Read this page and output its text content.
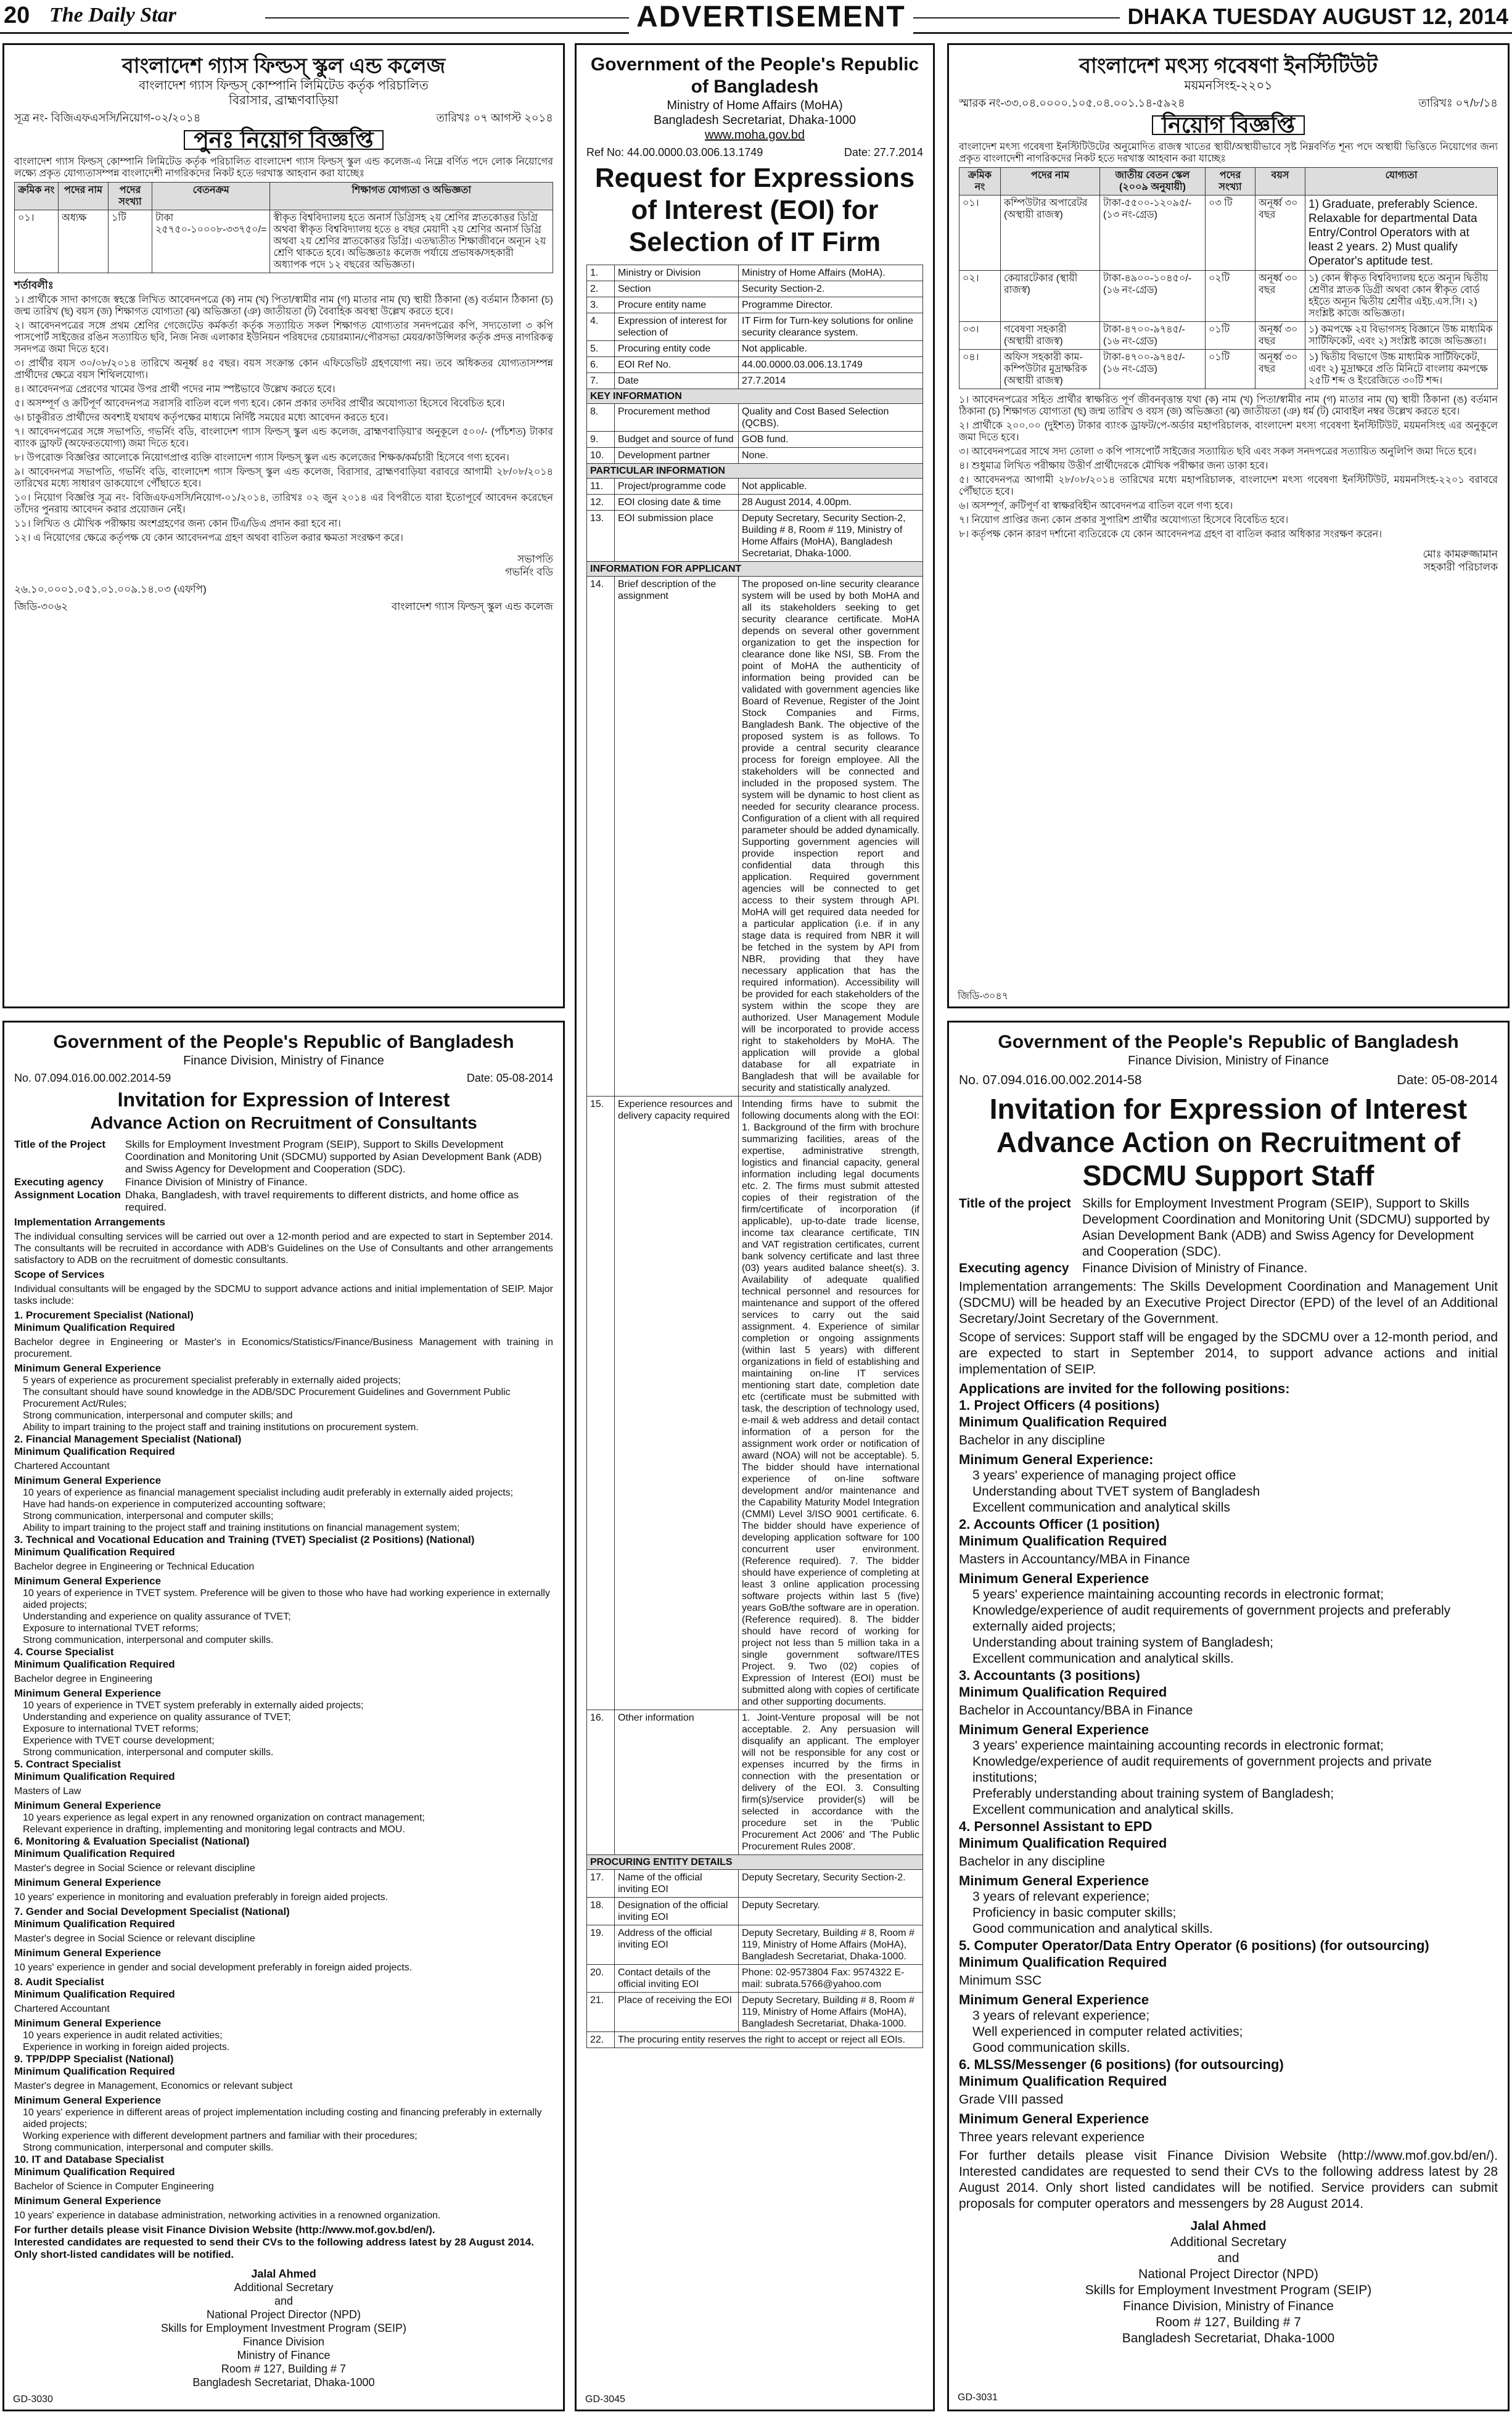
20 The Daily Star	ADVERTISEMENT	DHAKA TUESDAY AUGUST 12, 2014
বাংলাদেশ গ্যাস ফিল্ডস্ স্কুল এন্ড কলেজ
বাংলাদেশ গ্যাস ফিল্ডস্ কোম্পানি লিমিটেড কর্তৃক পরিচালিত
বিরাসার, ব্রাহ্মণবাড়িয়া
সূত্র নং- বিজিএফএসসি/নিয়োগ-০২/২০১৪	তারিখঃ ০৭ আগস্ট ২০১৪
পুনঃ নিয়োগ বিজ্ঞপ্তি
বাংলাদেশ গ্যাস ফিল্ডস্ কোম্পানি লিমিটেড কর্তৃক পরিচালিত বাংলাদেশ গ্যাস ফিল্ডস্ স্কুল এন্ড কলেজ-এ নিম্নে বর্ণিত পদে লোক নিয়োগের লক্ষ্যে প্রকৃত যোগ্যতাসম্পন্ন বাংলাদেশী নাগরিকদের নিকট হতে দরখাস্ত আহবান করা যাচ্ছেঃ
ক্রমিক নং	পদের নাম	পদের সংখ্যা	বেতনক্রম	শিক্ষাগত যোগ্যতা ও অভিজ্ঞতা
০১।	অধ্যক্ষ	১টি	টাকা ২৫৭৫০-১০০০৮-৩৩৭৫০/=	স্বীকৃত বিশ্ববিদ্যালয় হতে অনার্স ডিগ্রিসহ ২য় শ্রেণির স্নাতকোত্তর ডিগ্রি অথবা স্বীকৃত বিশ্ববিদ্যালয় হতে ৪ বছর মেয়াদী ২য় শ্রেণির অনার্স ডিগ্রি অথবা ২য় শ্রেণির স্নাতকোত্তর ডিগ্রি। এতদ্ব্যতীত শিক্ষাজীবনে অন্যূন ২য় শ্রেণি থাকতে হবে। অভিজ্ঞতাঃ কলেজ পর্যায়ে প্রভাষক/সহকারী অধ্যাপক পদে ১২ বছরের অভিজ্ঞতা।
শর্তাবলীঃ
১। প্রার্থীকে সাদা কাগজে স্বহস্তে লিখিত আবেদনপত্রে (ক) নাম (খ) পিতা/স্বামীর নাম (গ) মাতার নাম (ঘ) স্থায়ী ঠিকানা (ঙ) বর্তমান ঠিকানা (চ) জন্ম তারিখ (ছ) বয়স (জ) শিক্ষাগত যোগ্যতা (ঝ) অভিজ্ঞতা (ঞ) জাতীয়তা (ট) বৈবাহিক অবস্থা উল্লেখ করতে হবে।
২। আবেদনপত্রের সঙ্গে প্রথম শ্রেণির গেজেটেড কর্মকর্তা কর্তৃক সত্যায়িত সকল শিক্ষাগত যোগ্যতার সনদপত্রের কপি, সদ্যতোলা ৩ কপি পাসপোর্ট সাইজের রঙিন সত্যায়িত ছবি, নিজ নিজ এলাকার ইউনিয়ন পরিষদের চেয়ারম্যান/পৌরসভা মেয়র/কাউন্সিলর কর্তৃক প্রদত্ত নাগরিকত্ব সনদপত্র জমা দিতে হবে।
৩। প্রার্থীর বয়স ৩০/০৮/২০১৪ তারিখে অনূর্ধ্ব ৪৫ বছর। বয়স সংক্রান্ত কোন এফিডেভিট গ্রহণযোগ্য নয়। তবে অধিকতর যোগ্যতাসম্পন্ন প্রার্থীদের ক্ষেত্রে বয়স শিথিলযোগ্য।
৪। আবেদনপত্র প্রেরণের খামের উপর প্রার্থী পদের নাম স্পষ্টভাবে উল্লেখ করতে হবে।
৫। অসম্পূর্ণ ও ক্রটিপূর্ণ আবেদনপত্র সরাসরি বাতিল বলে গণ্য হবে। কোন প্রকার তদবির প্রার্থীর অযোগ্যতা হিসেবে বিবেচিত হবে।
৬। চাকুরীরত প্রার্থীদের অবশ্যই যথাযথ কর্তৃপক্ষের মাধ্যমে নির্দিষ্ট সময়ের মধ্যে আবেদন করতে হবে।
৭। আবেদনপত্রের সঙ্গে সভাপতি, গভর্নিং বডি, বাংলাদেশ গ্যাস ফিল্ডস্ স্কুল এন্ড কলেজ, ব্রাহ্মণবাড়িয়া'র অনুকূলে ৫০০/- (পাঁচশত) টাকার ব্যাংক ড্রাফট (অফেরতযোগ্য) জমা দিতে হবে।
৮। উপরোক্ত বিজ্ঞপ্তির আলোকে নিয়োগপ্রাপ্ত ব্যক্তি বাংলাদেশ গ্যাস ফিল্ডস্ স্কুল এন্ড কলেজের শিক্ষক/কর্মচারী হিসেবে গণ্য হবেন।
৯। আবেদনপত্র সভাপতি, গভর্নিং বডি, বাংলাদেশ গ্যাস ফিল্ডস্ স্কুল এন্ড কলেজ, বিরাসার, ব্রাহ্মণবাড়িয়া বরাবরে আগামী ২৮/০৮/২০১৪ তারিখের মধ্যে সাধারণ ডাকযোগে পৌঁছাতে হবে।
১০। নিয়োগ বিজ্ঞপ্তি সূত্র নং- বিজিএফএসসি/নিয়োগ-০১/২০১৪, তারিখঃ ০২ জুন ২০১৪ এর বিপরীতে যারা ইতোপূর্বে আবেদন করেছেন তাঁদের পুনরায় আবেদন করার প্রয়োজন নেই।
১১। লিখিত ও মৌখিক পরীক্ষায় অংশগ্রহণের জন্য কোন টিএ/ডিএ প্রদান করা হবে না।
১২। এ নিয়োগের ক্ষেত্রে কর্তৃপক্ষ যে কোন আবেদনপত্র গ্রহণ অথবা বাতিল করার ক্ষমতা সংরক্ষণ করে।
সভাপতি
গভর্নিং বডি
২৬.১০.০০০১.০৫১.০১.০০৯.১৪.০৩ (এফপি)
জিডি-৩০৬২	বাংলাদেশ গ্যাস ফিল্ডস্ স্কুল এন্ড কলেজ
Government of the People's Republic of Bangladesh
Ministry of Home Affairs (MoHA)
Bangladesh Secretariat, Dhaka-1000
www.moha.gov.bd
Ref No: 44.00.0000.03.006.13.1749	Date: 27.7.2014
Request for Expressions of Interest (EOI) for Selection of IT Firm
1.	Ministry or Division	Ministry of Home Affairs (MoHA).
2.	Section	Security Section-2.
3.	Procure entity name	Programme Director.
4.	Expression of interest for selection of	IT Firm for Turn-key solutions for online security clearance system.
5.	Procuring entity code	Not applicable.
6.	EOI Ref No.	44.00.0000.03.006.13.1749
7.	Date	27.7.2014
KEY INFORMATION		
8.	Procurement method	Quality and Cost Based Selection (QCBS).
9.	Budget and source of fund	GOB fund.
10.	Development partner	None.
PARTICULAR INFORMATION		
11.	Project/programme code	Not applicable.
12.	EOI closing date & time	28 August 2014, 4.00pm.
13.	EOI submission place	Deputy Secretary, Security Section-2, Building # 8, Room # 119, Ministry of Home Affairs (MoHA), Bangladesh Secretariat, Dhaka-1000.
INFORMATION FOR APPLICANT		
14.	Brief description of the assignment	The proposed on-line security clearance system will be used by both MoHA and all its stakeholders seeking to get security clearance certificate. MoHA depends on several other government organization to get the inspection for clearance done like NSI, SB. From the point of MoHA the authenticity of information being provided can be validated with government agencies like Board of Revenue, Register of the Joint Stock Companies and Firms, Bangladesh Bank. The objective of the proposed system is as follows. To provide a central security clearance process for foreign employee. All the stakeholders will be connected and included in the proposed system. The system will be dynamic to host client as needed for security clearance process. Configuration of a client with all required parameter should be added dynamically. Supporting government agencies will provide inspection report and confidential data through this application. Required government agencies will be connected to get access to their system through API. MoHA will get required data needed for a particular application (i.e. if in any stage data is required from NBR it will be fetched in the system by API from NBR, providing that they have necessary application that has the required information). Accessibility will be provided for each stakeholders of the system within the scope they are authorized. User Management Module will be incorporated to provide access right to stakeholders by MoHA. The application will provide a global database for all expatriate in Bangladesh that will be available for security and statistically analyzed.
15.	Experience resources and delivery capacity required	Intending firms have to submit the following documents along with the EOI: 1. Background of the firm with brochure summarizing facilities, areas of the expertise, administrative strength, logistics and financial capacity, general information including legal documents etc. 2. The firms must submit attested copies of their registration of the firm/certificate of incorporation (if applicable), up-to-date trade license, income tax clearance certificate, TIN and VAT registration certificates, current bank solvency certificate and last three (03) years audited balance sheet(s). 3. Availability of adequate qualified technical personnel and resources for maintenance and support of the offered services to carry out the said assignment. 4. Experience of similar completion or ongoing assignments (within last 5 years) with different organizations in field of establishing and maintaining on-line IT services mentioning start date, completion date etc (certificate must be submitted with task, the description of technology used, e-mail & web address and detail contact information of a person for the assignment work order or notification of award (NOA) will not be acceptable). 5. The bidder should have international experience of on-line software development and/or maintenance and the Capability Maturity Model Integration (CMMI) Level 3/ISO 9001 certificate. 6. The bidder should have experience of developing application software for 100 concurrent user environment. (Reference required). 7. The bidder should have experience of completing at least 3 online application processing software projects within last 5 (five) years GoB/the software are in operation. (Reference required). 8. The bidder should have record of working for project not less than 5 million taka in a single government software/ITES Project. 9. Two (02) copies of Expression of Interest (EOI) must be submitted along with copies of certificate and other supporting documents.
16.	Other information	1. Joint-Venture proposal will be not acceptable. 2. Any persuasion will disqualify an applicant. The employer will not be responsible for any cost or expenses incurred by the firms in connection with the presentation or delivery of the EOI. 3. Consulting firm(s)/service provider(s) will be selected in accordance with the procedure set in the 'Public Procurement Act 2006' and 'The Public Procurement Rules 2008'.
PROCURING ENTITY DETAILS		
17.	Name of the official inviting EOI	Deputy Secretary, Security Section-2.
18.	Designation of the official inviting EOI	Deputy Secretary.
19.	Address of the official inviting EOI	Deputy Secretary, Building # 8, Room # 119, Ministry of Home Affairs (MoHA), Bangladesh Secretariat, Dhaka-1000.
20.	Contact details of the official inviting EOI	Phone: 02-9573804 Fax: 9574322 E-mail: subrata.5766@yahoo.com
21.	Place of receiving the EOI	Deputy Secretary, Building # 8, Room # 119, Ministry of Home Affairs (MoHA), Bangladesh Secretariat, Dhaka-1000.
22.	The procuring entity reserves the right to accept or reject all EOIs.	
GD-3045
বাংলাদেশ মৎস্য গবেষণা ইনস্টিটিউট
ময়মনসিংহ-২২০১
স্মারক নং-৩৩.০৪.০০০০.১০৫.০৪.০০১.১৪-৫৯২৪	তারিখঃ ০৭/৮/১৪
নিয়োগ বিজ্ঞপ্তি
বাংলাদেশ মৎস্য গবেষণা ইনস্টিটিউটের অনুমোদিত রাজস্ব খাতের স্থায়ী/অস্থায়ীভাবে সৃষ্ট নিম্নবর্ণিত শূন্য পদে অস্থায়ী ভিত্তিতে নিয়োগের জন্য প্রকৃত বাংলাদেশী নাগরিকদের নিকট হতে দরখাস্ত আহবান করা যাচ্ছেঃ
ক্রমিক নং	পদের নাম	জাতীয় বেতন স্কেল (২০০৯ অনুযায়ী)	পদের সংখ্যা	বয়স	যোগ্যতা
০১।	কম্পিউটার অপারেটর (অস্থায়ী রাজস্ব)	টাকা-৫৫০০-১২০৯৫/- (১৩ নং-গ্রেড)	০৩ টি	অনূর্ধ্ব ৩০ বছর	1) Graduate, preferably Science. Relaxable for departmental Data Entry/Control Operators with at least 2 years. 2) Must qualify Operator's aptitude test.
০২।	কেয়ারটেকার (স্থায়ী রাজস্ব)	টাকা-৪৯০০-১০৪৫০/- (১৬ নং-গ্রেড)	০২টি	অনূর্ধ্ব ৩০ বছর	১) কোন স্বীকৃত বিশ্ববিদ্যালয় হতে অন্যূন দ্বিতীয় শ্রেণীর স্নাতক ডিগ্রী অথবা কোন স্বীকৃত বোর্ড হইতে অন্যূন দ্বিতীয় শ্রেণীর এইচ.এস.সি। ২) সংশ্লিষ্ট কাজে অভিজ্ঞতা।
০৩।	গবেষণা সহকারী (অস্থায়ী রাজস্ব)	টাকা-৪৭০০-৯৭৪৫/- (১৬ নং-গ্রেড)	০১টি	অনূর্ধ্ব ৩০ বছর	১) কমপক্ষে ২য় বিভাগসহ বিজ্ঞানে উচ্চ মাধ্যমিক সার্টিফিকেট, এবং ২) সংশ্লিষ্ট কাজে অভিজ্ঞতা।
০৪।	অফিস সহকারী কাম-কম্পিউটার মুদ্রাক্ষরিক (অস্থায়ী রাজস্ব)	টাকা-৪৭০০-৯৭৪৫/- (১৬ নং-গ্রেড)	০১টি	অনূর্ধ্ব ৩০ বছর	১) দ্বিতীয় বিভাগে উচ্চ মাধ্যমিক সার্টিফিকেট, এবং ২) মুদ্রাক্ষরে প্রতি মিনিটে বাংলায় কমপক্ষে ২৫টি শব্দ ও ইংরেজিতে ৩০টি শব্দ।
১। আবেদনপত্রের সহিত প্রার্থীর স্বাক্ষরিত পূর্ণ জীবনবৃত্তান্ত যথা (ক) নাম (খ) পিতা/স্বামীর নাম (গ) মাতার নাম (ঘ) স্থায়ী ঠিকানা (ঙ) বর্তমান ঠিকানা (চ) শিক্ষাগত যোগ্যতা (ছ) জন্ম তারিখ ও বয়স (জ) অভিজ্ঞতা (ঝ) জাতীয়তা (ঞ) ধর্ম (ট) মোবাইল নম্বর উল্লেখ করতে হবে।
২। প্রার্থীকে ২০০.০০ (দুইশত) টাকার ব্যাংক ড্রাফট/পে-অর্ডার মহাপরিচালক, বাংলাদেশ মৎস্য গবেষণা ইনস্টিটিউট, ময়মনসিংহ এর অনুকূলে জমা দিতে হবে।
৩। আবেদনপত্রের সাথে সদ্য তোলা ৩ কপি পাসপোর্ট সাইজের সত্যায়িত ছবি এবং সকল সনদপত্রের সত্যায়িত অনুলিপি জমা দিতে হবে।
৪। শুধুমাত্র লিখিত পরীক্ষায় উত্তীর্ণ প্রার্থীদেরকে মৌখিক পরীক্ষার জন্য ডাকা হবে।
৫। আবেদনপত্র আগামী ২৮/০৮/২০১৪ তারিখের মধ্যে মহাপরিচালক, বাংলাদেশ মৎস্য গবেষণা ইনস্টিটিউট, ময়মনসিংহ-২২০১ বরাবরে পৌঁছাতে হবে।
৬। অসম্পূর্ণ, ক্রটিপূর্ণ বা স্বাক্ষরবিহীন আবেদনপত্র বাতিল বলে গণ্য হবে।
৭। নিয়োগ প্রাপ্তির জন্য কোন প্রকার সুপারিশ প্রার্থীর অযোগ্যতা হিসেবে বিবেচিত হবে।
৮। কর্তৃপক্ষ কোন কারণ দর্শানো ব্যতিরেকে যে কোন আবেদনপত্র গ্রহণ বা বাতিল করার অধিকার সংরক্ষণ করেন।
মোঃ কামরুজ্জামান
সহকারী পরিচালক
জিডি-৩০৪৭
Government of the People's Republic of Bangladesh
Finance Division, Ministry of Finance
No. 07.094.016.00.002.2014-59	Date: 05-08-2014
Invitation for Expression of Interest
Advance Action on Recruitment of Consultants
Title of the Project	Skills for Employment Investment Program (SEIP), Support to Skills Development Coordination and Monitoring Unit (SDCMU) supported by Asian Development Bank (ADB) and Swiss Agency for Development and Cooperation (SDC).
Executing agency	Finance Division of Ministry of Finance.
Assignment Location Dhaka, Bangladesh, with travel requirements to different districts, and home office as required.
Implementation Arrangements
The individual consulting services will be carried out over a 12-month period and are expected to start in September 2014. The consultants will be recruited in accordance with ADB's Guidelines on the Use of Consultants and other arrangements satisfactory to ADB on the recruitment of domestic consultants.
Scope of Services
Individual consultants will be engaged by the SDCMU to support advance actions and initial implementation of SEIP. Major tasks include:
1. Procurement Specialist (National)
Minimum Qualification Required
Bachelor degree in Engineering or Master's in Economics/Statistics/Finance/Business Management with training in procurement.
Minimum General Experience
5 years of experience as procurement specialist preferably in externally aided projects;
The consultant should have sound knowledge in the ADB/SDC Procurement Guidelines and Government Public Procurement Act/Rules;
Strong communication, interpersonal and computer skills; and
Ability to impart training to the project staff and training institutions on procurement system.
2. Financial Management Specialist (National)
Minimum Qualification Required
Chartered Accountant
Minimum General Experience
10 years of experience as financial management specialist including audit preferably in externally aided projects;
Have had hands-on experience in computerized accounting software;
Strong communication, interpersonal and computer skills;
Ability to impart training to the project staff and training institutions on financial management system;
3. Technical and Vocational Education and Training (TVET) Specialist (2 Positions) (National)
Minimum Qualification Required
Bachelor degree in Engineering or Technical Education
Minimum General Experience
10 years of experience in TVET system. Preference will be given to those who have had working experience in externally aided projects;
Understanding and experience on quality assurance of TVET;
Exposure to international TVET reforms;
Strong communication, interpersonal and computer skills.
4. Course Specialist
Minimum Qualification Required
Bachelor degree in Engineering
Minimum General Experience
10 years of experience in TVET system preferably in externally aided projects;
Understanding and experience on quality assurance of TVET;
Exposure to international TVET reforms;
Experience with TVET course development;
Strong communication, interpersonal and computer skills.
5. Contract Specialist
Minimum Qualification Required
Masters of Law
Minimum General Experience
10 years experience as legal expert in any renowned organization on contract management;
Relevant experience in drafting, implementing and monitoring legal contracts and MOU.
6. Monitoring & Evaluation Specialist (National)
Minimum Qualification Required
Master's degree in Social Science or relevant discipline
Minimum General Experience
10 years' experience in monitoring and evaluation preferably in foreign aided projects.
7. Gender and Social Development Specialist (National)
Minimum Qualification Required
Master's degree in Social Science or relevant discipline
Minimum General Experience
10 years' experience in gender and social development preferably in foreign aided projects.
8. Audit Specialist
Minimum Qualification Required
Chartered Accountant
Minimum General Experience
10 years experience in audit related activities;
Experience in working in foreign aided projects.
9. TPP/DPP Specialist (National)
Minimum Qualification Required
Master's degree in Management, Economics or relevant subject
Minimum General Experience
10 years' experience in different areas of project implementation including costing and financing preferably in externally aided projects;
Working experience with different development partners and familiar with their procedures;
Strong communication, interpersonal and computer skills.
10. IT and Database Specialist
Minimum Qualification Required
Bachelor of Science in Computer Engineering
Minimum General Experience
10 years' experience in database administration, networking activities in a renowned organization.
For further details please visit Finance Division Website (http://www.mof.gov.bd/en/).
Interested candidates are requested to send their CVs to the following address latest by 28 August 2014. Only short-listed candidates will be notified.
Jalal Ahmed
Additional Secretary
and
National Project Director (NPD)
Skills for Employment Investment Program (SEIP)
Finance Division
Ministry of Finance
Room # 127, Building # 7
Bangladesh Secretariat, Dhaka-1000
GD-3030
Government of the People's Republic of Bangladesh
Finance Division, Ministry of Finance
No. 07.094.016.00.002.2014-58	Date: 05-08-2014
Invitation for Expression of Interest Advance Action on Recruitment of SDCMU Support Staff
Title of the project Skills for Employment Investment Program (SEIP), Support to Skills Development Coordination and Monitoring Unit (SDCMU) supported by Asian Development Bank (ADB) and Swiss Agency for Development and Cooperation (SDC).
Executing agency	Finance Division of Ministry of Finance.
Implementation arrangements: The Skills Development Coordination and Management Unit (SDCMU) will be headed by an Executive Project Director (EPD) of the level of an Additional Secretary/Joint Secretary of the Government.
Scope of services: Support staff will be engaged by the SDCMU over a 12-month period, and are expected to start in September 2014, to support advance actions and initial implementation of SEIP.
Applications are invited for the following positions:
1. Project Officers (4 positions)
Minimum Qualification Required
Bachelor in any discipline
Minimum General Experience:
3 years' experience of managing project office
Understanding about TVET system of Bangladesh
Excellent communication and analytical skills
2. Accounts Officer (1 position)
Minimum Qualification Required
Masters in Accountancy/MBA in Finance
Minimum General Experience
5 years' experience maintaining accounting records in electronic format;
Knowledge/experience of audit requirements of government projects and preferably externally aided projects;
Understanding about training system of Bangladesh;
Excellent communication and analytical skills.
3. Accountants (3 positions)
Minimum Qualification Required
Bachelor in Accountancy/BBA in Finance
Minimum General Experience
3 years' experience maintaining accounting records in electronic format;
Knowledge/experience of audit requirements of government projects and private institutions;
Preferably understanding about training system of Bangladesh;
Excellent communication and analytical skills.
4. Personnel Assistant to EPD
Minimum Qualification Required
Bachelor in any discipline
Minimum General Experience
3 years of relevant experience;
Proficiency in basic computer skills;
Good communication and analytical skills.
5. Computer Operator/Data Entry Operator (6 positions) (for outsourcing)
Minimum Qualification Required
Minimum SSC
Minimum General Experience
3 years of relevant experience;
Well experienced in computer related activities;
Good communication skills.
6. MLSS/Messenger (6 positions) (for outsourcing)
Minimum Qualification Required
Grade VIII passed
Minimum General Experience
Three years relevant experience
For further details please visit Finance Division Website (http://www.mof.gov.bd/en/). Interested candidates are requested to send their CVs to the following address latest by 28 August 2014. Only short listed candidates will be notified. Service providers can submit proposals for computer operators and messengers by 28 August 2014.
Jalal Ahmed
Additional Secretary
and
National Project Director (NPD)
Skills for Employment Investment Program (SEIP)
Finance Division, Ministry of Finance
Room # 127, Building # 7
Bangladesh Secretariat, Dhaka-1000
GD-3031
